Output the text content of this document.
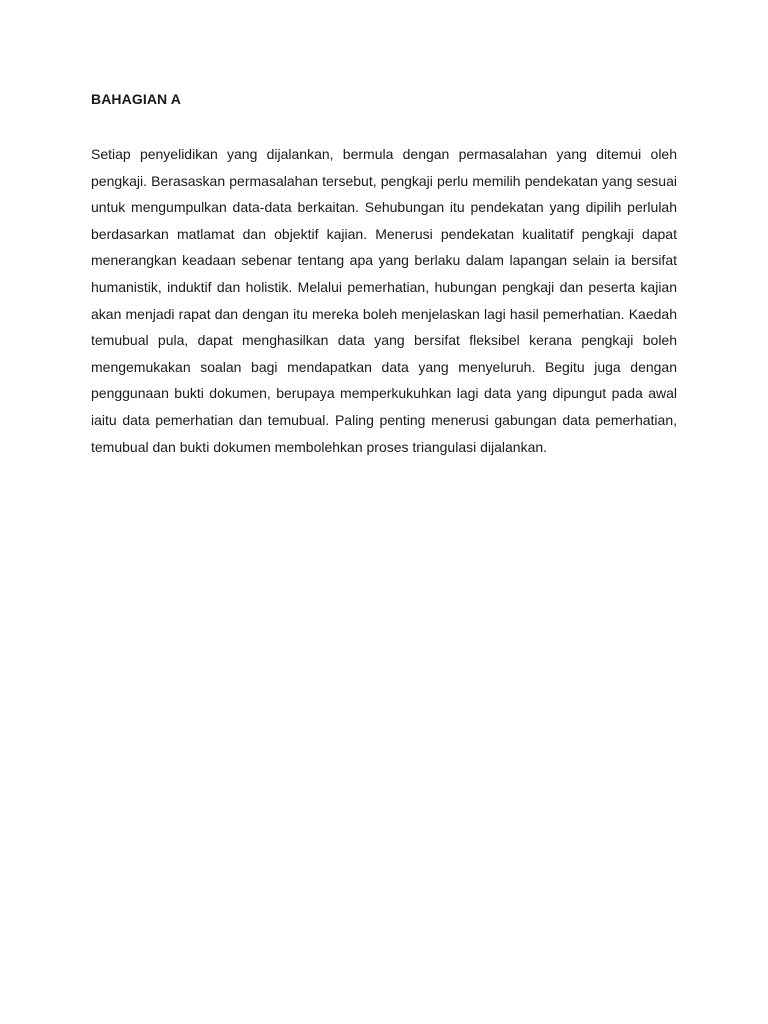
BAHAGIAN A

Setiap penyelidikan yang dijalankan, bermula dengan permasalahan yang ditemui oleh pengkaji. Berasaskan permasalahan tersebut, pengkaji perlu memilih pendekatan yang sesuai untuk mengumpulkan data-data berkaitan. Sehubungan itu pendekatan yang dipilih perlulah berdasarkan matlamat dan objektif kajian. Menerusi pendekatan kualitatif pengkaji dapat menerangkan keadaan sebenar tentang apa yang berlaku dalam lapangan selain ia bersifat humanistik, induktif dan holistik. Melalui pemerhatian, hubungan pengkaji dan peserta kajian akan menjadi rapat dan dengan itu mereka boleh menjelaskan lagi hasil pemerhatian. Kaedah temubual pula, dapat menghasilkan data yang bersifat fleksibel kerana pengkaji boleh mengemukakan soalan bagi mendapatkan data yang menyeluruh. Begitu juga dengan penggunaan bukti dokumen, berupaya memperkukuhkan lagi data yang dipungut pada awal iaitu data pemerhatian dan temubual. Paling penting menerusi gabungan data pemerhatian, temubual dan bukti dokumen membolehkan proses triangulasi dijalankan.
